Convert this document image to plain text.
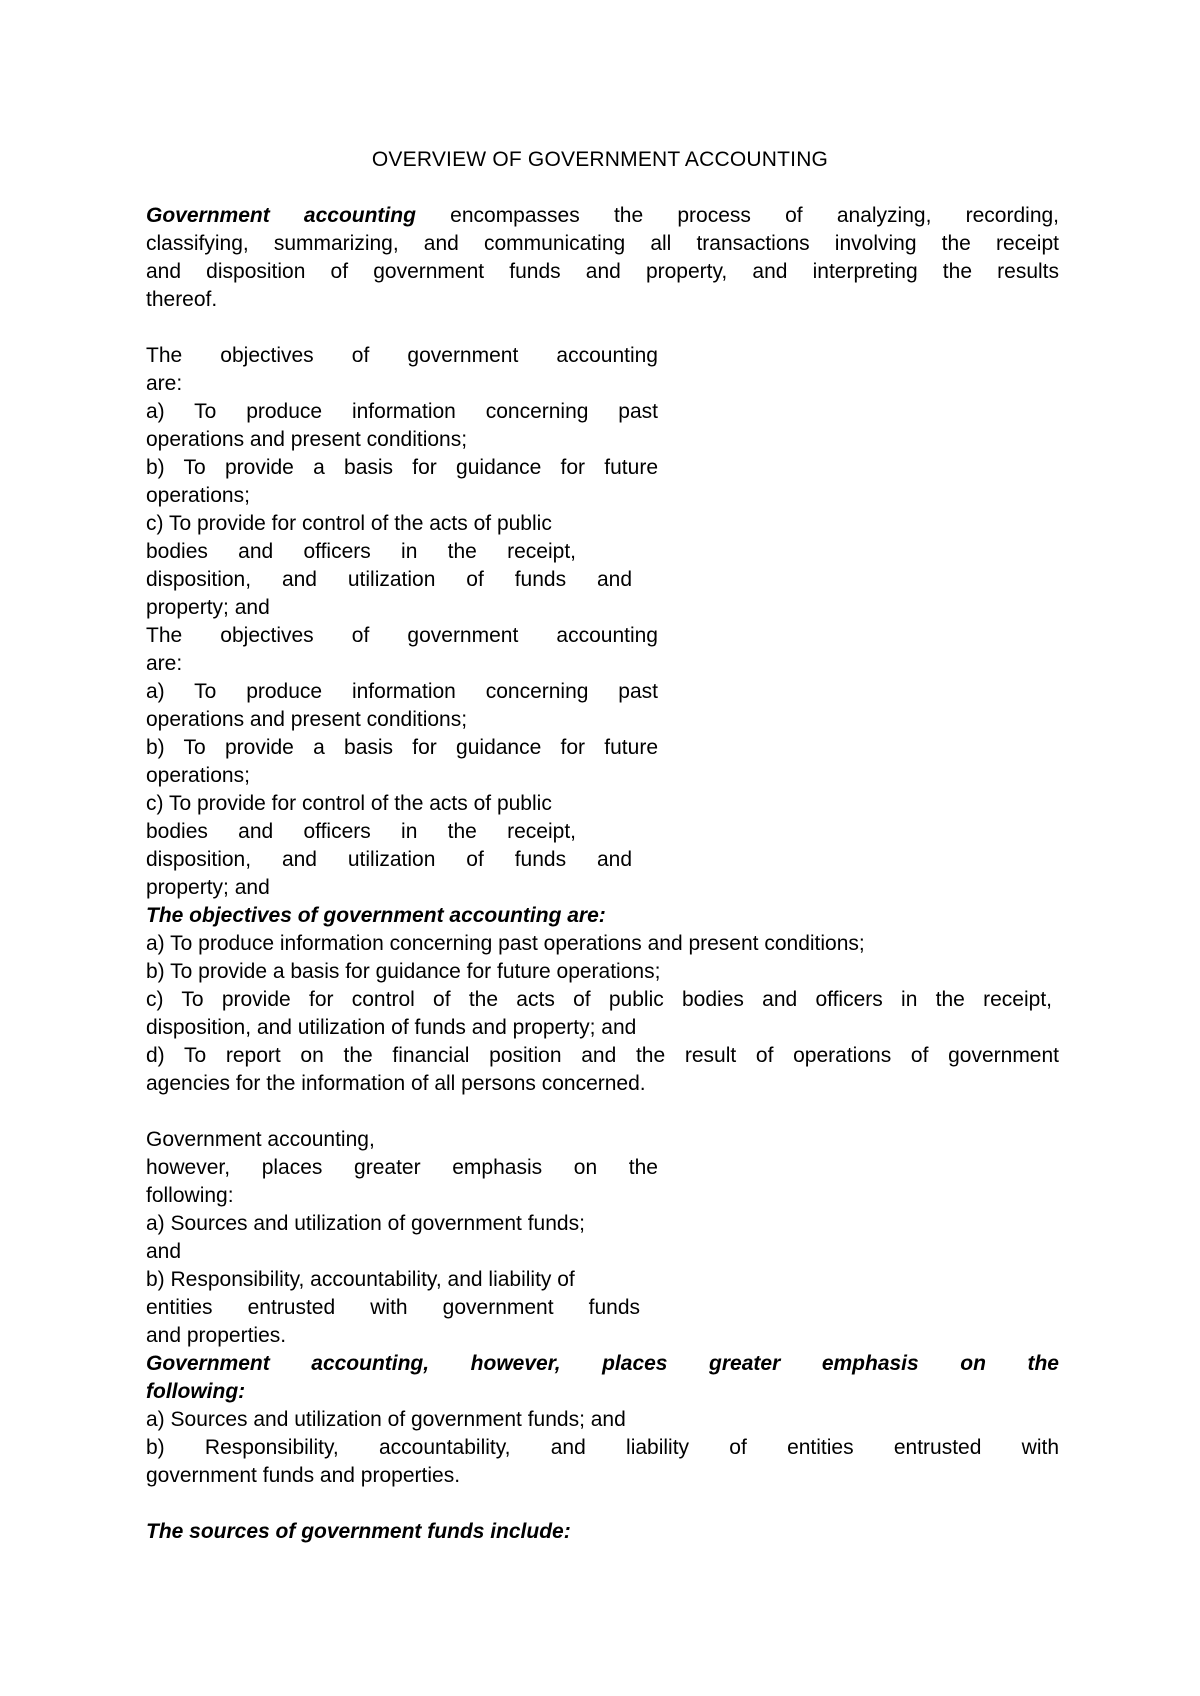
OVERVIEW OF GOVERNMENT ACCOUNTING
Government accounting encompasses the process of analyzing, recording,
classifying, summarizing, and communicating all transactions involving the receipt
and disposition of government funds and property, and interpreting the results
thereof.
The objectives of government accounting
are:
a) To produce information concerning past
operations and present conditions;
b) To provide a basis for guidance for future
operations;
c) To provide for control of the acts of public
bodies and officers in the receipt,
disposition, and utilization of funds and
property; and
The objectives of government accounting
are:
a) To produce information concerning past
operations and present conditions;
b) To provide a basis for guidance for future
operations;
c) To provide for control of the acts of public
bodies and officers in the receipt,
disposition, and utilization of funds and
property; and
The objectives of government accounting are:
a) To produce information concerning past operations and present conditions;
b) To provide a basis for guidance for future operations;
c) To provide for control of the acts of public bodies and officers in the receipt,
disposition, and utilization of funds and property; and
d) To report on the financial position and the result of operations of government
agencies for the information of all persons concerned.
Government accounting,
however, places greater emphasis on the
following:
a) Sources and utilization of government funds;
and
b) Responsibility, accountability, and liability of
entities entrusted with government funds
and properties.
Government accounting, however, places greater emphasis on the
following:
a) Sources and utilization of government funds; and
b) Responsibility, accountability, and liability of entities entrusted with
government funds and properties.
The sources of government funds include:
